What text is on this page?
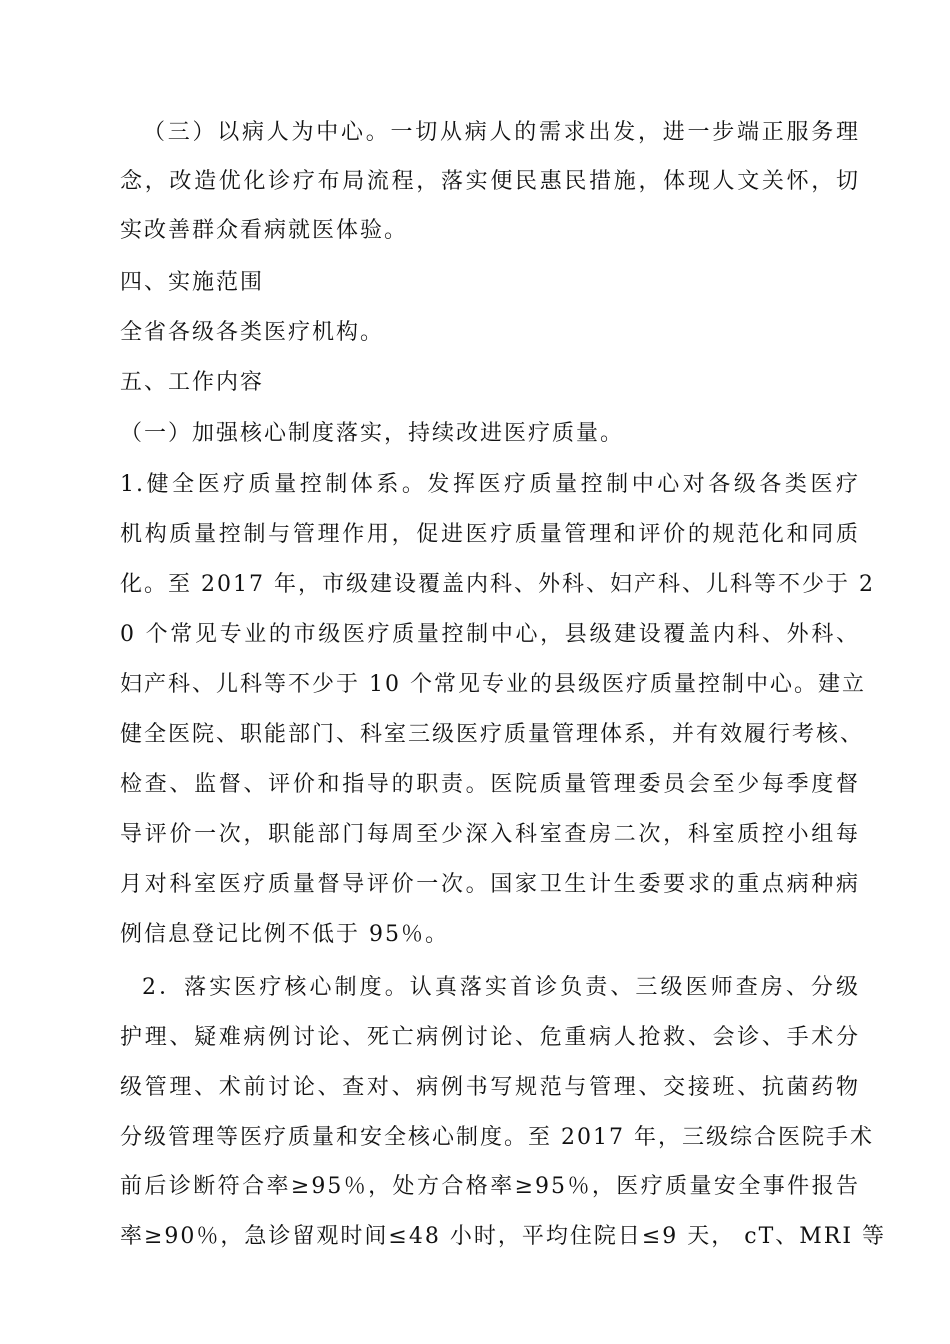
（三）以病人为中心。一切从病人的需求出发，进一步端正服务理
念，改造优化诊疗布局流程，落实便民惠民措施，体现人文关怀，切
实改善群众看病就医体验。
四、实施范围
全省各级各类医疗机构。
五、工作内容
（一）加强核心制度落实，持续改进医疗质量。
1.健全医疗质量控制体系。发挥医疗质量控制中心对各级各类医疗
机构质量控制与管理作用，促进医疗质量管理和评价的规范化和同质
化。至 2017 年，市级建设覆盖内科、外科、妇产科、儿科等不少于 2
0 个常见专业的市级医疗质量控制中心，县级建设覆盖内科、外科、
妇产科、儿科等不少于 10 个常见专业的县级医疗质量控制中心。建立
健全医院、职能部门、科室三级医疗质量管理体系，并有效履行考核、
检查、监督、评价和指导的职责。医院质量管理委员会至少每季度督
导评价一次，职能部门每周至少深入科室查房二次，科室质控小组每
月对科室医疗质量督导评价一次。国家卫生计生委要求的重点病种病
例信息登记比例不低于 95％。
2．落实医疗核心制度。认真落实首诊负责、三级医师查房、分级
护理、疑难病例讨论、死亡病例讨论、危重病人抢救、会诊、手术分
级管理、术前讨论、查对、病例书写规范与管理、交接班、抗菌药物
分级管理等医疗质量和安全核心制度。至 2017 年，三级综合医院手术
前后诊断符合率≥95％，处方合格率≥95％，医疗质量安全事件报告
率≥90％，急诊留观时间≤48 小时，平均住院日≤9 天， cT、MRI 等
